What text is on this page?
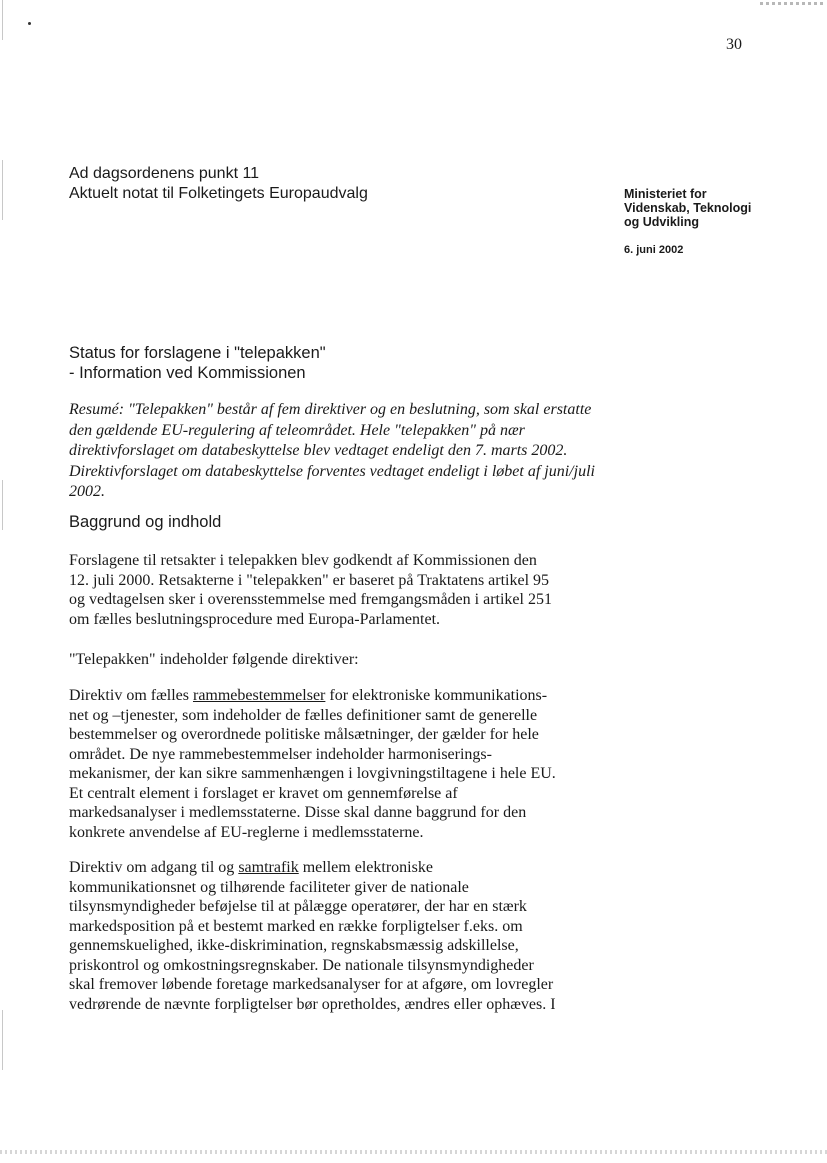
30
Ad dagsordenens punkt 11
Aktuelt notat til Folketingets Europaudvalg	Ministeriet for
Videnskab, Teknologi
og Udvikling
6. juni 2002
Status for forslagene i "telepakken"
- Information ved Kommissionen
Resumé: "Telepakken" består af fem direktiver og en beslutning, som skal erstatte den gældende EU-regulering af teleområdet. Hele "telepakken" på nær direktivforslaget om databeskyttelse blev vedtaget endeligt den 7. marts 2002. Direktivforslaget om databeskyttelse forventes vedtaget endeligt i løbet af juni/juli 2002.
Baggrund og indhold
Forslagene til retsakter i telepakken blev godkendt af Kommissionen den
12. juli 2000. Retsakterne i "telepakken" er baseret på Traktatens artikel 95
og vedtagelsen sker i overensstemmelse med fremgangsmåden i artikel 251
om fælles beslutningsprocedure med Europa-Parlamentet.
"Telepakken" indeholder følgende direktiver:
Direktiv om fælles rammebestemmelser for elektroniske kommunikations-
net og –tjenester, som indeholder de fælles definitioner samt de generelle
bestemmelser og overordnede politiske målsætninger, der gælder for hele
området. De nye rammebestemmelser indeholder harmoniserings-
mekanismer, der kan sikre sammenhængen i lovgivningstiltagene i hele EU.
Et centralt element i forslaget er kravet om gennemførelse af
markedsanalyser i medlemsstaterne. Disse skal danne baggrund for den
konkrete anvendelse af EU-reglerne i medlemsstaterne.
Direktiv om adgang til og samtrafik mellem elektroniske
kommunikationsnet og tilhørende faciliteter giver de nationale
tilsynsmyndigheder beføjelse til at pålægge operatører, der har en stærk
markedsposition på et bestemt marked en række forpligtelser f.eks. om
gennemskuelighed, ikke-diskrimination, regnskabsmæssig adskillelse,
priskontrol og omkostningsregnskaber. De nationale tilsynsmyndigheder
skal fremover løbende foretage markedsanalyser for at afgøre, om lovregler
vedrørende de nævnte forpligtelser bør opretholdes, ændres eller ophæves. I
